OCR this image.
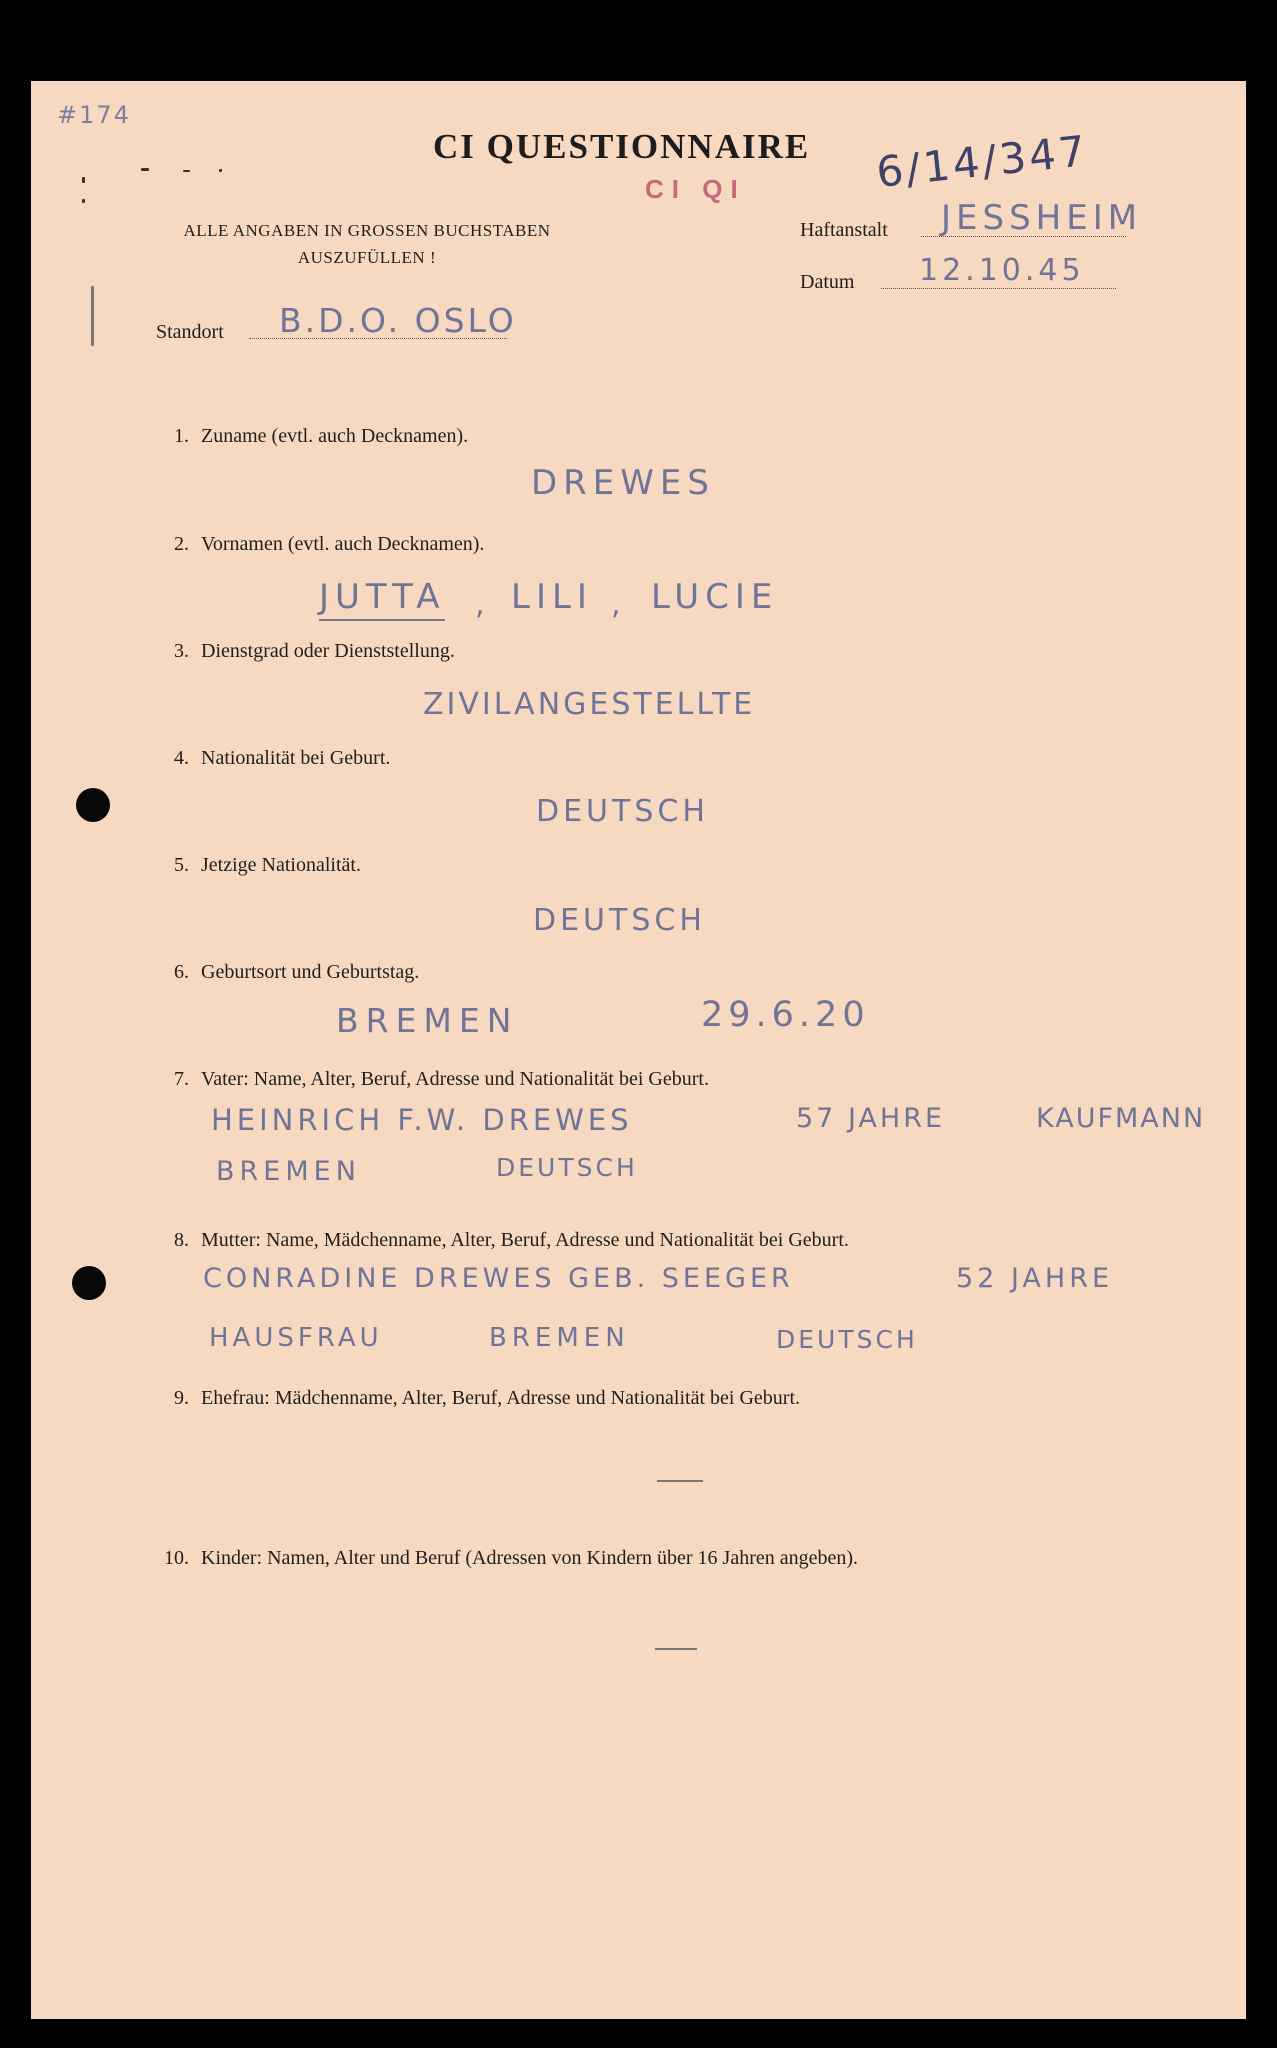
#174
CI QUESTIONNAIRE 6/14/347
CI QI
ALLE ANGABEN IN GROSSEN BUCHSTABEN
AUSZUFÜLLEN !
Haftanstalt JESSHEIM
Datum 12.10.45
Standort B.D.O. OSLO
1. Zuname (evtl. auch Decknamen).
DREWES
2. Vornamen (evtl. auch Decknamen).
JUTTA , LILI , LUCIE
3. Dienstgrad oder Dienststellung.
ZIVILANGESTELLTE
4. Nationalität bei Geburt.
DEUTSCH
5. Jetzige Nationalität.
DEUTSCH
6. Geburtsort und Geburtstag.
BREMEN	29.6.20
7. Vater: Name, Alter, Beruf, Adresse und Nationalität bei Geburt.
HEINRICH F.W. DREWES	57 JAHRE	KAUFMANN
BREMEN	DEUTSCH
8. Mutter: Name, Mädchenname, Alter, Beruf, Adresse und Nationalität bei Geburt.
CONRADINE DREWES GEB. SEEGER	52 JAHRE
HAUSFRAU	BREMEN	DEUTSCH
9. Ehefrau: Mädchenname, Alter, Beruf, Adresse und Nationalität bei Geburt.
10. Kinder: Namen, Alter und Beruf (Adressen von Kindern über 16 Jahren angeben).
